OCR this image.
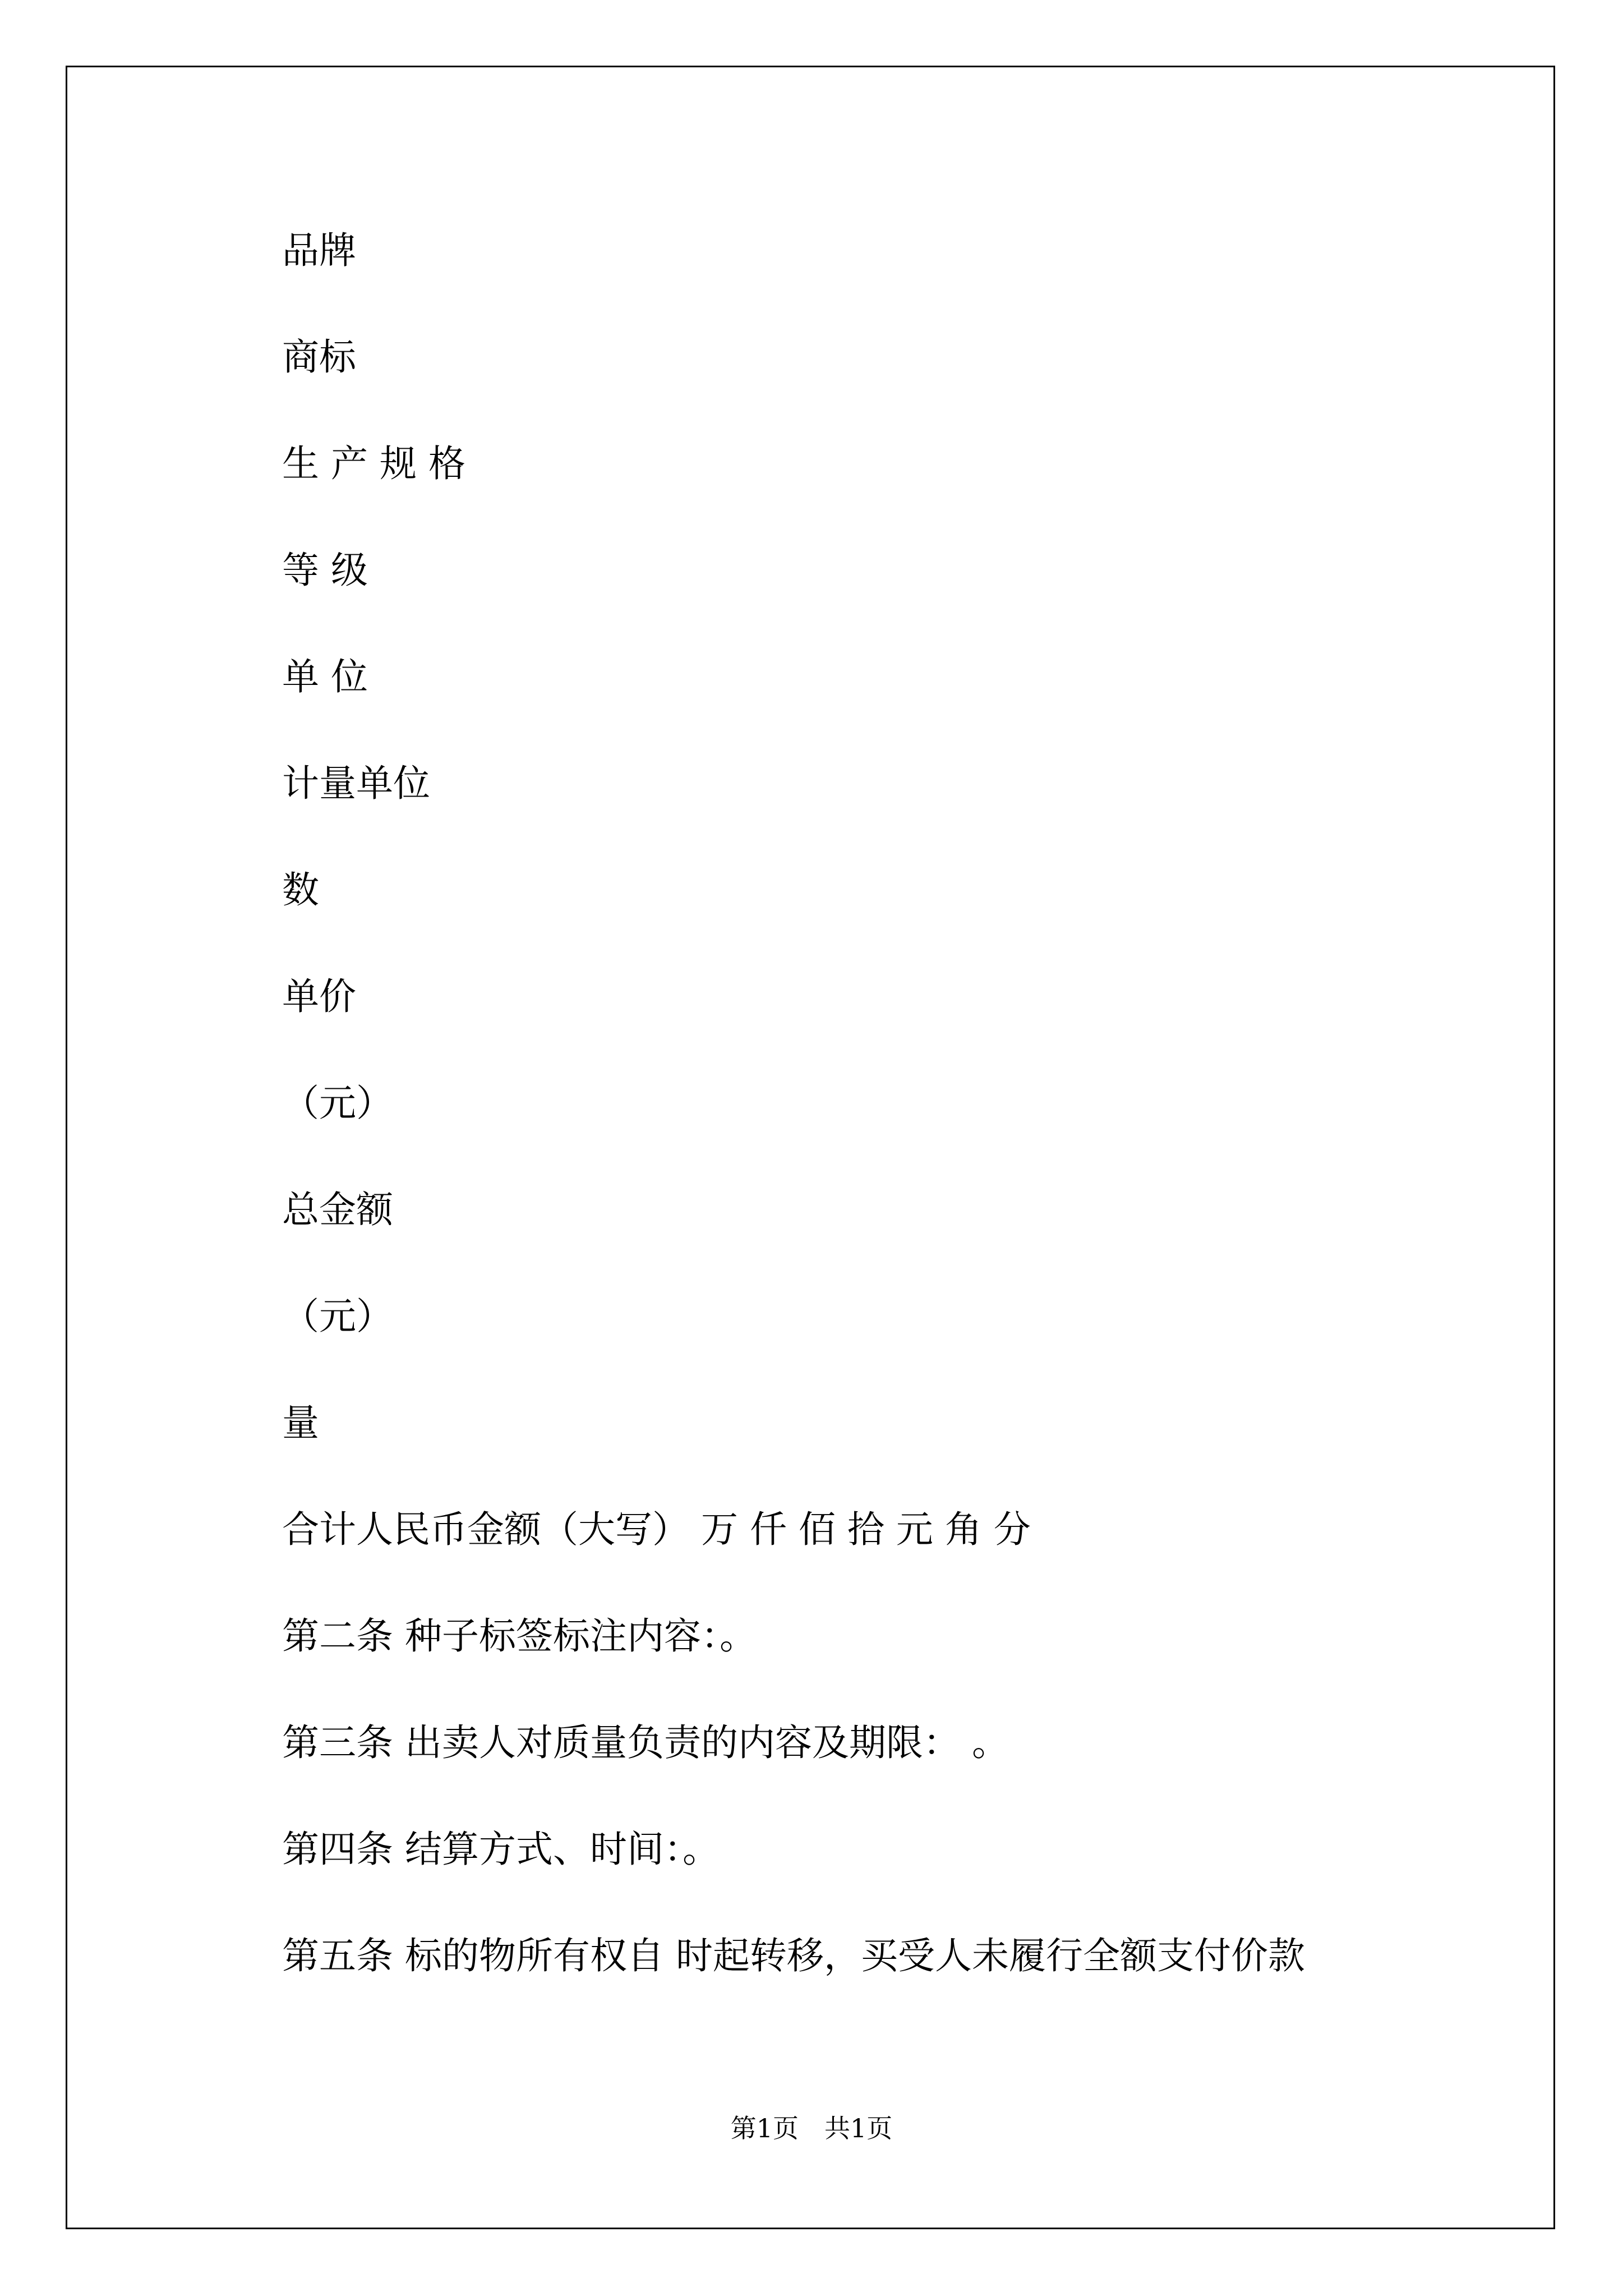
品牌
商标
生 产 规 格
等 级
单 位
计量单位
数
单价
（元）
总金额
（元）
量
合计人民币金额（大写） 万 仟 佰 拾 元 角 分
第二条 种子标签标注内容：。
第三条 出卖人对质量负责的内容及期限： 。
第四条 结算方式、时间：。
第五条 标的物所有权自 时起转移，买受人未履行全额支付价款
第1页　共1页
